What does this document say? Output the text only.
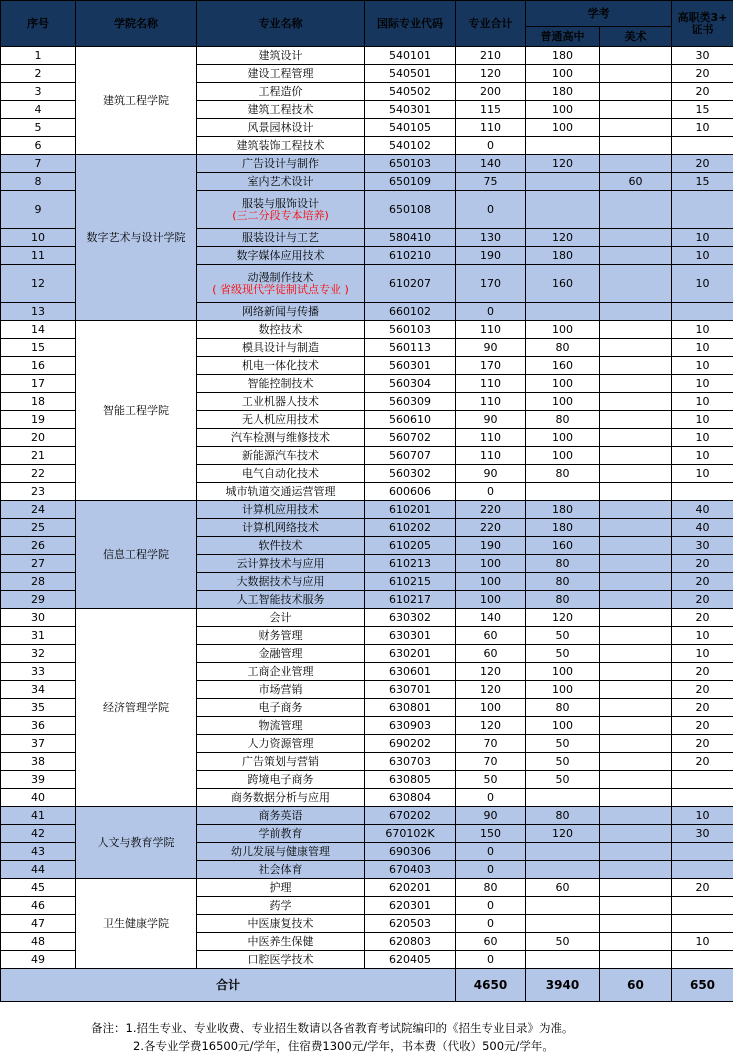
序号	学院名称	专业名称	国际专业代码	专业合计	学考		高职类3+
证书

					普通高中	美术	
1	建筑工程学院	建筑设计	540101	210	180		30
2		建设工程管理	540501	120	100		20
3		工程造价	540502	200	180		20
4		建筑工程技术	540301	115	100		15
5		风景园林设计	540105	110	100		10
6		建筑装饰工程技术	540102	0			
7	数字艺术与设计学院	广告设计与制作	650103	140	120		20
8		室内艺术设计	650109	75		60	15
9		服装与服饰设计
(三二分段专本培养)	650108	0			
10		服装设计与工艺	580410	130	120		10
11		数字媒体应用技术	610210	190	180		10
12		动漫制作技术
( 省级现代学徒制试点专业 )	610207	170	160		10
13		网络新闻与传播	660102	0			
14	智能工程学院	数控技术	560103	110	100		10
15		模具设计与制造	560113	90	80		10
16		机电一体化技术	560301	170	160		10
17		智能控制技术	560304	110	100		10
18		工业机器人技术	560309	110	100		10
19		无人机应用技术	560610	90	80		10
20		汽车检测与维修技术	560702	110	100		10
21		新能源汽车技术	560707	110	100		10
22		电气自动化技术	560302	90	80		10
23		城市轨道交通运营管理	600606	0			
24	信息工程学院	计算机应用技术	610201	220	180		40
25		计算机网络技术	610202	220	180		40
26		软件技术	610205	190	160		30
27		云计算技术与应用	610213	100	80		20
28		大数据技术与应用	610215	100	80		20
29		人工智能技术服务	610217	100	80		20
30	经济管理学院	会计	630302	140	120		20
31		财务管理	630301	60	50		10
32		金融管理	630201	60	50		10
33		工商企业管理	630601	120	100		20
34		市场营销	630701	120	100		20
35		电子商务	630801	100	80		20
36		物流管理	630903	120	100		20
37		人力资源管理	690202	70	50		20
38		广告策划与营销	630703	70	50		20
39		跨境电子商务	630805	50	50		
40		商务数据分析与应用	630804	0			
41	人文与教育学院	商务英语	670202	90	80		10
42		学前教育	670102K	150	120		30
43		幼儿发展与健康管理	690306	0			
44		社会体育	670403	0			
45	卫生健康学院	护理	620201	80	60		20
46		药学	620301	0			
47		中医康复技术	620503	0			
48		中医养生保健	620803	60	50		10
49		口腔医学技术	620405	0			
合计				4650	3940	60	650
备注：1.招生专业、专业收费、专业招生数请以各省教育考试院编印的《招生专业目录》为准。
2.各专业学费16500元/学年，住宿费1300元/学年，书本费（代收）500元/学年。
